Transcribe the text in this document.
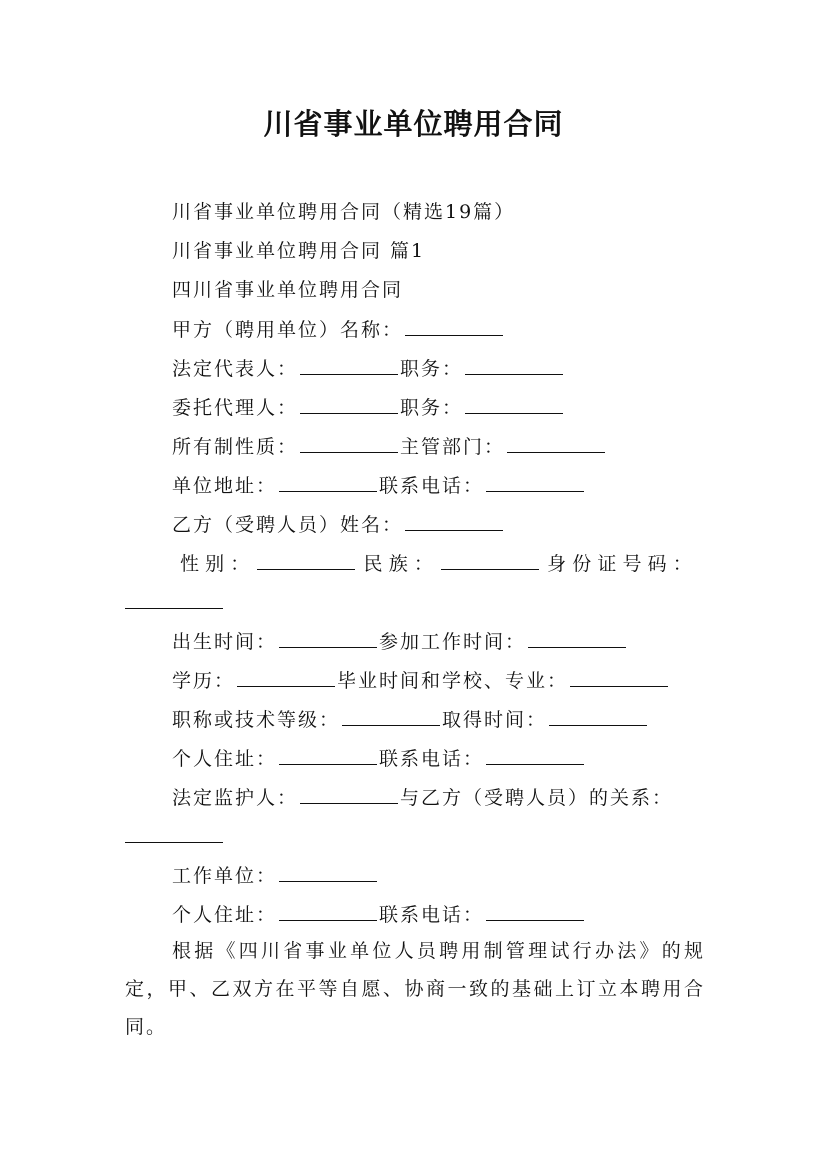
川省事业单位聘用合同
川省事业单位聘用合同（精选19篇）
川省事业单位聘用合同 篇1
四川省事业单位聘用合同
甲方（聘用单位）名称：
法定代表人：	职务：
委托代理人：	职务：
所有制性质：	主管部门：
单位地址：	联系电话：
乙方（受聘人员）姓名：
性 别 ：	民 族 ：	身 份 证 号 码 ：
出生时间：	参加工作时间：
学历：	毕业时间和学校、专业：
职称或技术等级：	取得时间：
个人住址：	联系电话：
法定监护人：	与乙方（受聘人员）的关系：
工作单位：
个人住址：	联系电话：
根据《四川省事业单位人员聘用制管理试行办法》的规定，甲、乙双方在平等自愿、协商一致的基础上订立本聘用合同。
